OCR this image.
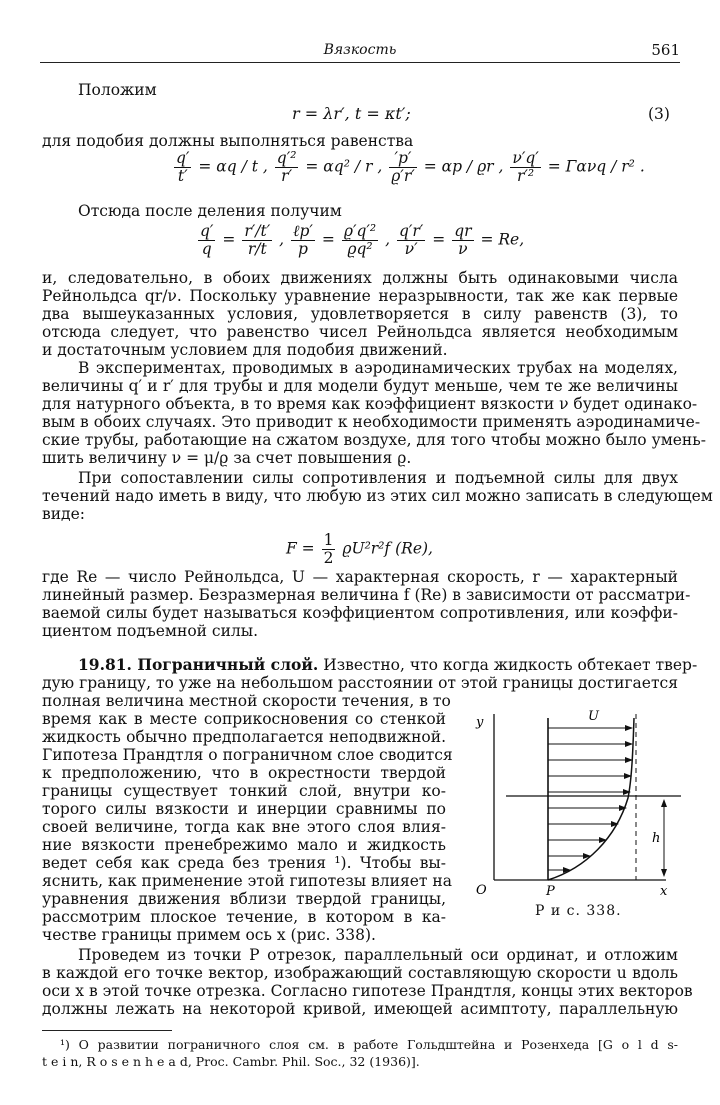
Вязкость	561
Положим
r = λr′, t = κt′;	(3)
для подобия должны выполняться равенства
$\frac{q'}{t'} = \alpha q / t$ , $\frac{\text{q′²}}{r'} = \alpha q^2 / r$ , $\frac{'p'}{ϱ'r'} = \alpha p / ϱr$ , $\frac{\nu'q'}{\text{r′²}} = \Gamma\alpha\nu q / r^2$ .
Отсюда после деления получим
$\frac{q'}{q} = \frac{r'/t'}{r/t}$ , $\frac{\text{ℓp′}}{p} = \frac{\text{ϱ′q′²}}{\text{ϱq²}}$ , $\frac{q'r'}{\nu'} = \frac{qr}{\nu} = Re$,
и, следовательно, в обоих движениях должны быть одинаковыми числа
Рейнольдса qr/ν. Поскольку уравнение неразрывности, так же как первые
два вышеуказанных условия, удовлетворяется в силу равенств (3), то
отсюда следует, что равенство чисел Рейнольдса является необходимым
и достаточным условием для подобия движений.
В экспериментах, проводимых в аэродинамических трубах на моделях,
величины q′ и r′ для трубы и для модели будут меньше, чем те же величины
для натурного объекта, в то время как коэффициент вязкости ν будет одинако-
вым в обоих случаях. Это приводит к необходимости применять аэродинамиче-
ские трубы, работающие на сжатом воздухе, для того чтобы можно было умень-
шить величину ν = μ/ϱ за счет повышения ϱ.
При сопоставлении силы сопротивления и подъемной силы для двух
течений надо иметь в виду, что любую из этих сил можно записать в следующем
виде:
$F = \frac{1}{2} ϱU^2r^2f$ (Re),
где Re — число Рейнольдса, U — характерная скорость, r — характерный
линейный размер. Безразмерная величина f (Re) в зависимости от рассматри-
ваемой силы будет называться коэффициентом сопротивления, или коэффи-
циентом подъемной силы.
19.81. Пограничный слой. Известно, что когда жидкость обтекает твер-
дую границу, то уже на небольшом расстоянии от этой границы достигается
полная величина местной скорости течения, в то
время как в месте соприкосновения со стенкой
жидкость обычно предполагается неподвижной.
Гипотеза Прандтля о пограничном слое сводится
к предположению, что в окрестности твердой
границы существует тонкий слой, внутри ко-
торого силы вязкости и инерции сравнимы по
своей величине, тогда как вне этого слоя влия-
ние вязкости пренебрежимо мало и жидкость
ведет себя как среда без трения ¹). Чтобы вы-
яснить, как применение этой гипотезы влияет на
уравнения движения вблизи твердой границы,
рассмотрим плоское течение, в котором в ка-
честве границы примем ось x (рис. 338).
Проведем из точки P отрезок, параллельный оси ординат, и отложим
в каждой его точке вектор, изображающий составляющую скорости u вдоль
оси x в этой точке отрезка. Согласно гипотезе Прандтля, концы этих векторов
должны лежать на некоторой кривой, имеющей асимптоту, параллельную
y	U
h
O	P	x
Р и с. 338.
¹) О развитии пограничного слоя см. в работе Гольдштейна и Розенхеда [G o l d s-
t e i n, R o s e n h e a d, Proc. Cambr. Phil. Soc., 32 (1936)].
